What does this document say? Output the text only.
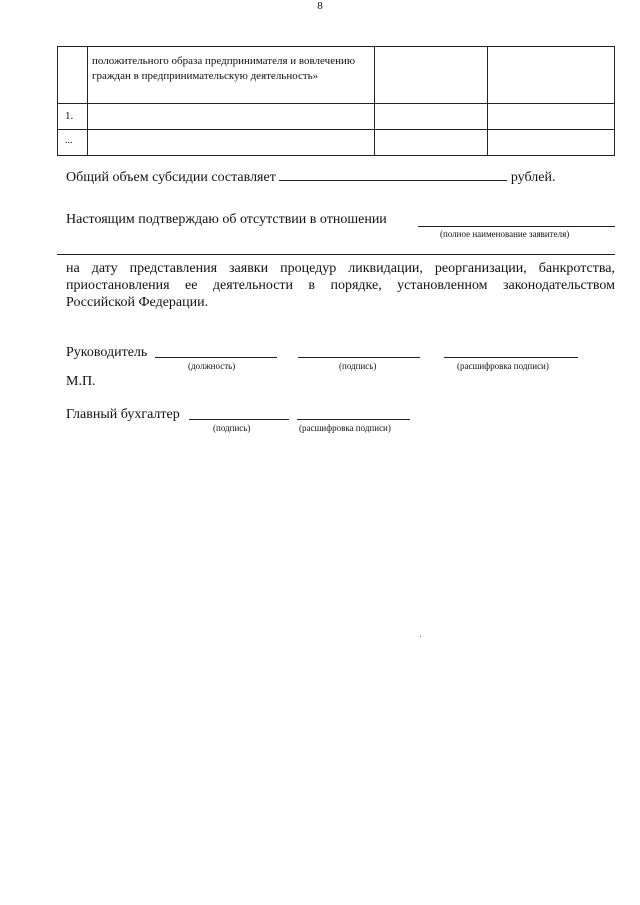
8

	положительного образа предпринимателя и вовлечению граждан в предпринимательскую деятельность»		

1.			

...			

Общий объем субсидии составляет	рублей.
Настоящим подтверждаю об отсутствии в отношении
(полное наименование заявителя)
на дату представления заявки процедур ликвидации, реорганизации, банкротства,
приостановления ее деятельности в порядке, установленном законодательством
Российской Федерации.
Руководитель
(должность)	(подпись)	(расшифровка подписи)
М.П.
Главный бухгалтер
(подпись)	(расшифровка подписи)
